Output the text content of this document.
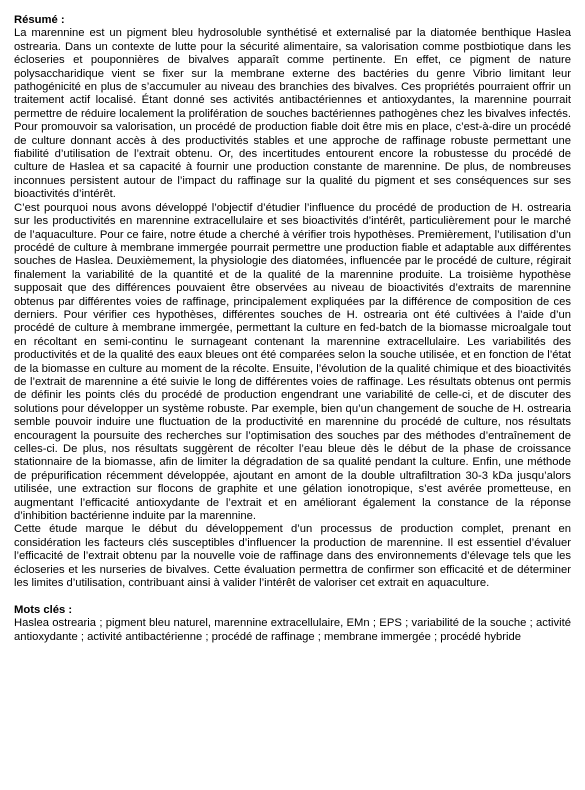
Résumé :

La marennine est un pigment bleu hydrosoluble synthétisé et externalisé par la diatomée benthique Haslea ostrearia. Dans un contexte de lutte pour la sécurité alimentaire, sa valorisation comme postbiotique dans les écloseries et pouponnières de bivalves apparaît comme pertinente. En effet, ce pigment de nature polysaccharidique vient se fixer sur la membrane externe des bactéries du genre Vibrio limitant leur pathogénicité en plus de s’accumuler au niveau des branchies des bivalves. Ces propriétés pourraient offrir un traitement actif localisé. Étant donné ses activités antibactériennes et antioxydantes, la marennine pourrait permettre de réduire localement la prolifération de souches bactériennes pathogènes chez les bivalves infectés. Pour promouvoir sa valorisation, un procédé de production fiable doit être mis en place, c’est-à-dire un procédé de culture donnant accès à des productivités stables et une approche de raffinage robuste permettant une fiabilité d’utilisation de l’extrait obtenu. Or, des incertitudes entourent encore la robustesse du procédé de culture de Haslea et sa capacité à fournir une production constante de marennine. De plus, de nombreuses inconnues persistent autour de l’impact du raffinage sur la qualité du pigment et ses conséquences sur ses bioactivités d’intérêt.

C’est pourquoi nous avons développé l’objectif d’étudier l’influence du procédé de production de H. ostrearia sur les productivités en marennine extracellulaire et ses bioactivités d’intérêt, particulièrement pour le marché de l’aquaculture. Pour ce faire, notre étude a cherché à vérifier trois hypothèses. Premièrement, l’utilisation d’un procédé de culture à membrane immergée pourrait permettre une production fiable et adaptable aux différentes souches de Haslea. Deuxièmement, la physiologie des diatomées, influencée par le procédé de culture, régirait finalement la variabilité de la quantité et de la qualité de la marennine produite. La troisième hypothèse supposait que des différences pouvaient être observées au niveau de bioactivités d’extraits de marennine obtenus par différentes voies de raffinage, principalement expliquées par la différence de composition de ces derniers. Pour vérifier ces hypothèses, différentes souches de H. ostrearia ont été cultivées à l’aide d’un procédé de culture à membrane immergée, permettant la culture en fed-batch de la biomasse microalgale tout en récoltant en semi-continu le surnageant contenant la marennine extracellulaire. Les variabilités des productivités et de la qualité des eaux bleues ont été comparées selon la souche utilisée, et en fonction de l’état de la biomasse en culture au moment de la récolte. Ensuite, l’évolution de la qualité chimique et des bioactivités de l’extrait de marennine a été suivie le long de différentes voies de raffinage. Les résultats obtenus ont permis de définir les points clés du procédé de production engendrant une variabilité de celle-ci, et de discuter des solutions pour développer un système robuste. Par exemple, bien qu’un changement de souche de H. ostrearia semble pouvoir induire une fluctuation de la productivité en marennine du procédé de culture, nos résultats encouragent la poursuite des recherches sur l’optimisation des souches par des méthodes d’entraînement de celles-ci. De plus, nos résultats suggèrent de récolter l’eau bleue dès le début de la phase de croissance stationnaire de la biomasse, afin de limiter la dégradation de sa qualité pendant la culture. Enfin, une méthode de prépurification récemment développée, ajoutant en amont de la double ultrafiltration 30-3 kDa jusqu’alors utilisée, une extraction sur flocons de graphite et une gélation ionotropique, s’est avérée prometteuse, en augmentant l’efficacité antioxydante de l’extrait et en améliorant également la constance de la réponse d’inhibition bactérienne induite par la marennine.

Cette étude marque le début du développement d’un processus de production complet, prenant en considération les facteurs clés susceptibles d’influencer la production de marennine. Il est essentiel d’évaluer l’efficacité de l’extrait obtenu par la nouvelle voie de raffinage dans des environnements d’élevage tels que les écloseries et les nurseries de bivalves. Cette évaluation permettra de confirmer son efficacité et de déterminer les limites d’utilisation, contribuant ainsi à valider l’intérêt de valoriser cet extrait en aquaculture.

Mots clés :

Haslea ostrearia ; pigment bleu naturel, marennine extracellulaire, EMn ; EPS ; variabilité de la souche ; activité antioxydante ; activité antibactérienne ; procédé de raffinage ; membrane immergée ; procédé hybride
